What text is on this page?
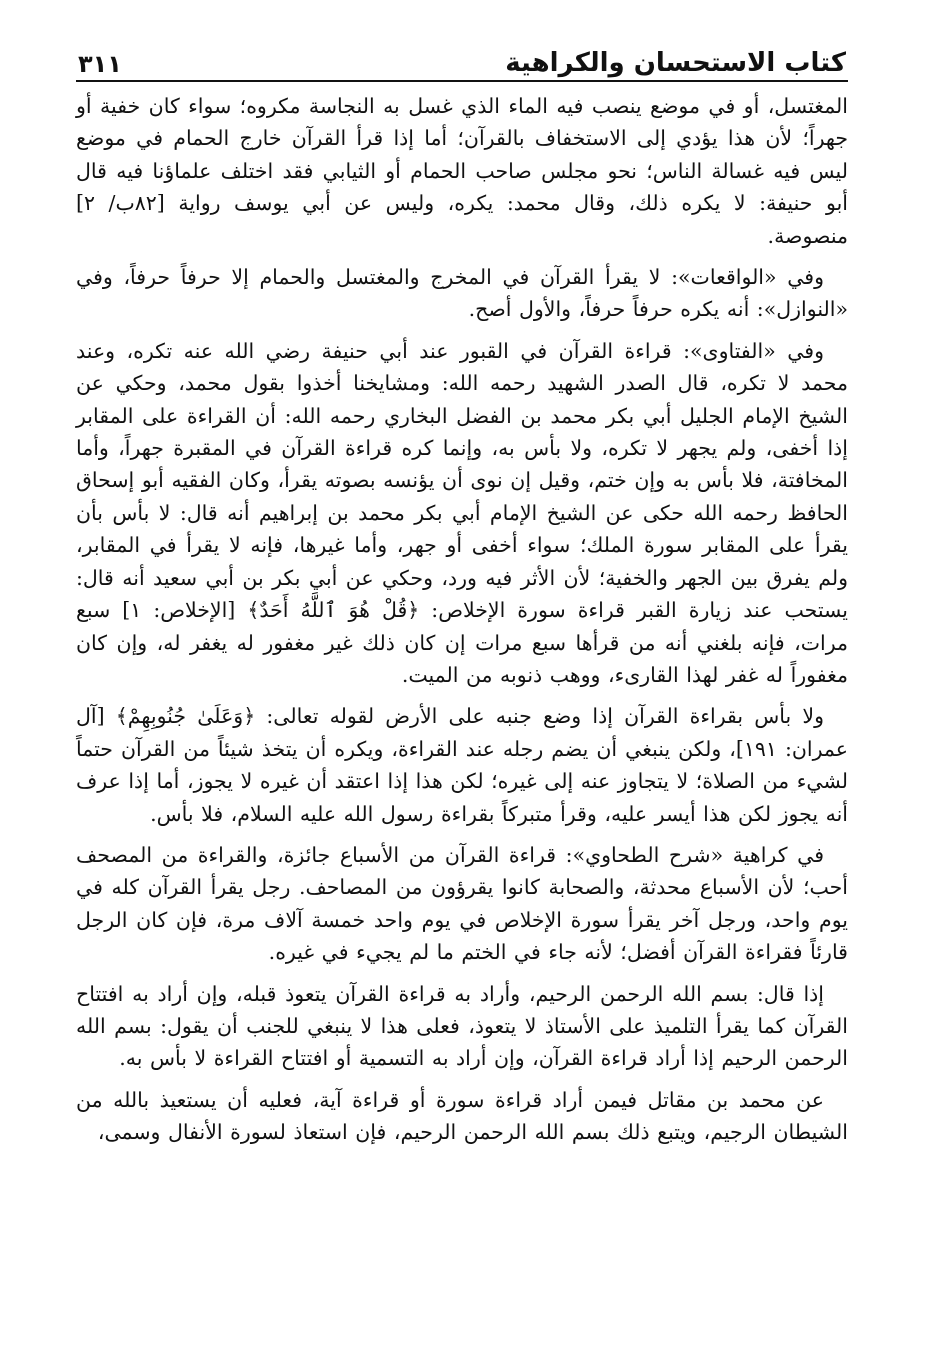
كتاب الاستحسان والكراهية
٣١١

المغتسل، أو في موضع ينصب فيه الماء الذي غسل به النجاسة مكروه؛ سواء كان خفية أو جهراً؛ لأن هذا يؤدي إلى الاستخفاف بالقرآن؛ أما إذا قرأ القرآن خارج الحمام في موضع ليس فيه غسالة الناس؛ نحو مجلس صاحب الحمام أو الثيابي فقد اختلف علماؤنا فيه قال أبو حنيفة: لا يكره ذلك، وقال محمد: يكره، وليس عن أبي يوسف رواية [٨٢ب/ ٢] منصوصة.

وفي «الواقعات»: لا يقرأ القرآن في المخرج والمغتسل والحمام إلا حرفاً حرفاً، وفي «النوازل»: أنه يكره حرفاً حرفاً، والأول أصح.

وفي «الفتاوى»: قراءة القرآن في القبور عند أبي حنيفة رضي الله عنه تكره، وعند محمد لا تكره، قال الصدر الشهيد رحمه الله: ومشايخنا أخذوا بقول محمد، وحكي عن الشيخ الإمام الجليل أبي بكر محمد بن الفضل البخاري رحمه الله: أن القراءة على المقابر إذا أخفى، ولم يجهر لا تكره، ولا بأس به، وإنما كره قراءة القرآن في المقبرة جهراً، وأما المخافتة، فلا بأس به وإن ختم، وقيل إن نوى أن يؤنسه بصوته يقرأ، وكان الفقيه أبو إسحاق الحافظ رحمه الله حكى عن الشيخ الإمام أبي بكر محمد بن إبراهيم أنه قال: لا بأس بأن يقرأ على المقابر سورة الملك؛ سواء أخفى أو جهر، وأما غيرها، فإنه لا يقرأ في المقابر، ولم يفرق بين الجهر والخفية؛ لأن الأثر فيه ورد، وحكي عن أبي بكر بن أبي سعيد أنه قال: يستحب عند زيارة القبر قراءة سورة الإخلاص: ﴿قُلْ هُوَ ٱللَّهُ أَحَدٌ﴾ [الإخلاص: ١] سبع مرات، فإنه بلغني أنه من قرأها سبع مرات إن كان ذلك غير مغفور له يغفر له، وإن كان مغفوراً له غفر لهذا القارىء، ووهب ذنوبه من الميت.

ولا بأس بقراءة القرآن إذا وضع جنبه على الأرض لقوله تعالى: ﴿وَعَلَىٰ جُنُوبِهِمْ﴾ [آل عمران: ١٩١]، ولكن ينبغي أن يضم رجله عند القراءة، ويكره أن يتخذ شيئاً من القرآن حتماً لشيء من الصلاة؛ لا يتجاوز عنه إلى غيره؛ لكن هذا إذا اعتقد أن غيره لا يجوز، أما إذا عرف أنه يجوز لكن هذا أيسر عليه، وقرأ متبركاً بقراءة رسول الله عليه السلام، فلا بأس.

في كراهية «شرح الطحاوي»: قراءة القرآن من الأسباع جائزة، والقراءة من المصحف أحب؛ لأن الأسباع محدثة، والصحابة كانوا يقرؤون من المصاحف. رجل يقرأ القرآن كله في يوم واحد، ورجل آخر يقرأ سورة الإخلاص في يوم واحد خمسة آلاف مرة، فإن كان الرجل قارئاً فقراءة القرآن أفضل؛ لأنه جاء في الختم ما لم يجيء في غيره.

إذا قال: بسم الله الرحمن الرحيم، وأراد به قراءة القرآن يتعوذ قبله، وإن أراد به افتتاح القرآن كما يقرأ التلميذ على الأستاذ لا يتعوذ، فعلى هذا لا ينبغي للجنب أن يقول: بسم الله الرحمن الرحيم إذا أراد قراءة القرآن، وإن أراد به التسمية أو افتتاح القراءة لا بأس به.

عن محمد بن مقاتل فيمن أراد قراءة سورة أو قراءة آية، فعليه أن يستعيذ بالله من الشيطان الرجيم، ويتبع ذلك بسم الله الرحمن الرحيم، فإن استعاذ لسورة الأنفال وسمى،
